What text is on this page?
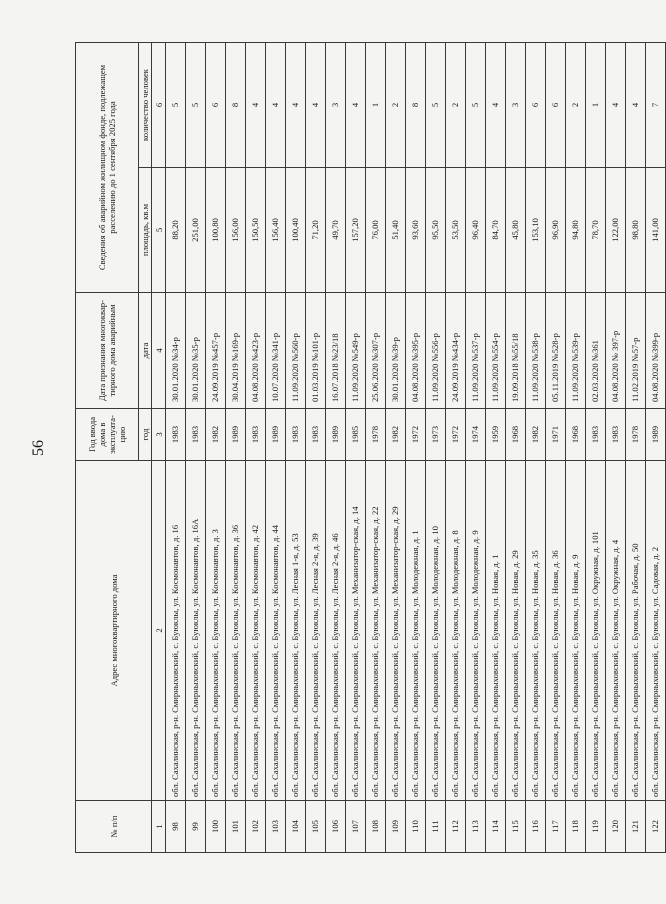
56
№ п/п	Адрес многоквартирного дома	Год ввода дома в эксплуата-цию	Дата признания многоквар-тирного дома аварийным	Сведения об аварийном жилищном фонде, подлежащем расселению до 1 сентября 2025 года	
		год	дата	площадь, кв.м	количество человек
1	2	3	4	5	6
98	обл. Сахалинская, р-н. Смирныховский, с. Буюклы, ул. Космонавтов, д. 16	1983	30.01.2020 №34-р	88,20	5
99	обл. Сахалинская, р-н. Смирныховский, с. Буюклы, ул. Космонавтов, д. 16А	1983	30.01.2020 №35-р	251,00	5
100	обл. Сахалинская, р-н. Смирныховский, с. Буюклы, ул. Космонавтов, д. 3	1982	24.09.2019 №457-р	100,80	6
101	обл. Сахалинская, р-н. Смирныховский, с. Буюклы, ул. Космонавтов, д. 36	1989	30.04.2019 №169-р	156,00	8
102	обл. Сахалинская, р-н. Смирныховский, с. Буюклы, ул. Космонавтов, д. 42	1983	04.08.2020 №423-р	150,50	4
103	обл. Сахалинская, р-н. Смирныховский, с. Буюклы, ул. Космонавтов, д. 44	1989	10.07.2020 №341-р	156,40	4
104	обл. Сахалинская, р-н. Смирныховский, с. Буюклы, ул. Лесная 1-я, д. 53	1983	11.09.2020 №560-р	100,40	4
105	обл. Сахалинская, р-н. Смирныховский, с. Буюклы, ул. Лесная 2-я, д. 39	1983	01.03.2019 №101-р	71,20	4
106	обл. Сахалинская, р-н. Смирныховский, с. Буюклы, ул. Лесная 2-я, д. 46	1989	16.07.2018 №23/18	49,70	3
107	обл. Сахалинская, р-н. Смирныховский, с. Буюклы, ул. Механизатор-ская, д. 14	1985	11.09.2020 №549-р	157,20	4
108	обл. Сахалинская, р-н. Смирныховский, с. Буюклы, ул. Механизатор-ская, д. 22	1978	25.06.2020 №307-р	76,00	1
109	обл. Сахалинская, р-н. Смирныховский, с. Буюклы, ул. Механизатор-ская, д. 29	1982	30.01.2020 №39-р	51,40	2
110	обл. Сахалинская, р-н. Смирныховский, с. Буюклы, ул. Молодежная, д. 1	1972	04.08.2020 №395-р	93,60	8
111	обл. Сахалинская, р-н. Смирныховский, с. Буюклы, ул. Молодежная, д. 10	1973	11.09.2020 №556-р	95,50	5
112	обл. Сахалинская, р-н. Смирныховский, с. Буюклы, ул. Молодежная, д. 8	1972	24.09.2019 №434-р	53,50	2
113	обл. Сахалинская, р-н. Смирныховский, с. Буюклы, ул. Молодежная, д. 9	1974	11.09.2020 №537-р	96,40	5
114	обл. Сахалинская, р-н. Смирныховский, с. Буюклы, ул. Новая, д. 1	1959	11.09.2020 №554-р	84,70	4
115	обл. Сахалинская, р-н. Смирныховский, с. Буюклы, ул. Новая, д. 29	1968	19.09.2018 №55/18	45,80	3
116	обл. Сахалинская, р-н. Смирныховский, с. Буюклы, ул. Новая, д. 35	1982	11.09.2020 №538-р	153,10	6
117	обл. Сахалинская, р-н. Смирныховский, с. Буюклы, ул. Новая, д. 36	1971	05.11.2019 №528-р	96,90	6
118	обл. Сахалинская, р-н. Смирныховский, с. Буюклы, ул. Новая, д. 9	1968	11.09.2020 №539-р	94,80	2
119	обл. Сахалинская, р-н. Смирныховский, с. Буюклы, ул. Окружная, д. 101	1983	02.03.2020 №361	78,70	1
120	обл. Сахалинская, р-н. Смирныховский, с. Буюклы, ул. Окружная, д. 4	1983	04.08.2020 № 397-р	122,00	4
121	обл. Сахалинская, р-н. Смирныховский, с. Буюклы, ул. Рабочая, д. 50	1978	11.02.2019 №57-р	98,80	4
122	обл. Сахалинская, р-н. Смирныховский, с. Буюклы, ул. Садовая, д. 2	1989	04.08.2020 №399-р	141,00	7
